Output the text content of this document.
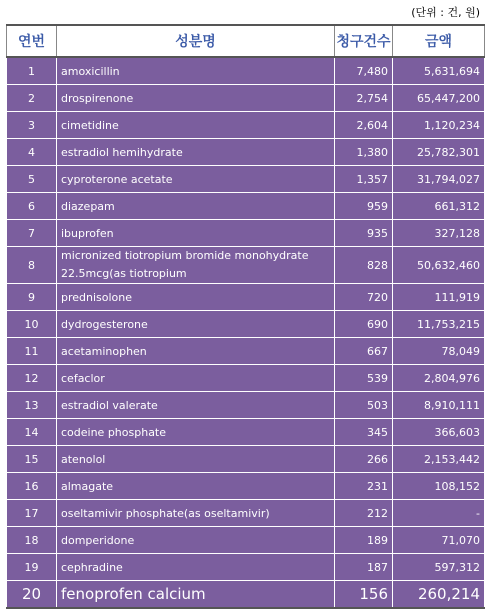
(단위 : 건, 원)
연번	성분명	청구건수	금액
1	amoxicillin	7,480	5,631,694
2	drospirenone	2,754	65,447,200
3	cimetidine	2,604	1,120,234
4	estradiol hemihydrate	1,380	25,782,301
5	cyproterone acetate	1,357	31,794,027
6	diazepam	959	661,312
7	ibuprofen	935	327,128
8	micronized tiotropium bromide monohydrate 22.5mcg(as tiotropium	828	50,632,460
9	prednisolone	720	111,919
10	dydrogesterone	690	11,753,215
11	acetaminophen	667	78,049
12	cefaclor	539	2,804,976
13	estradiol valerate	503	8,910,111
14	codeine phosphate	345	366,603
15	atenolol	266	2,153,442
16	almagate	231	108,152
17	oseltamivir phosphate(as oseltamivir)	212	-
18	domperidone	189	71,070
19	cephradine	187	597,312
20	fenoprofen calcium	156	260,214
